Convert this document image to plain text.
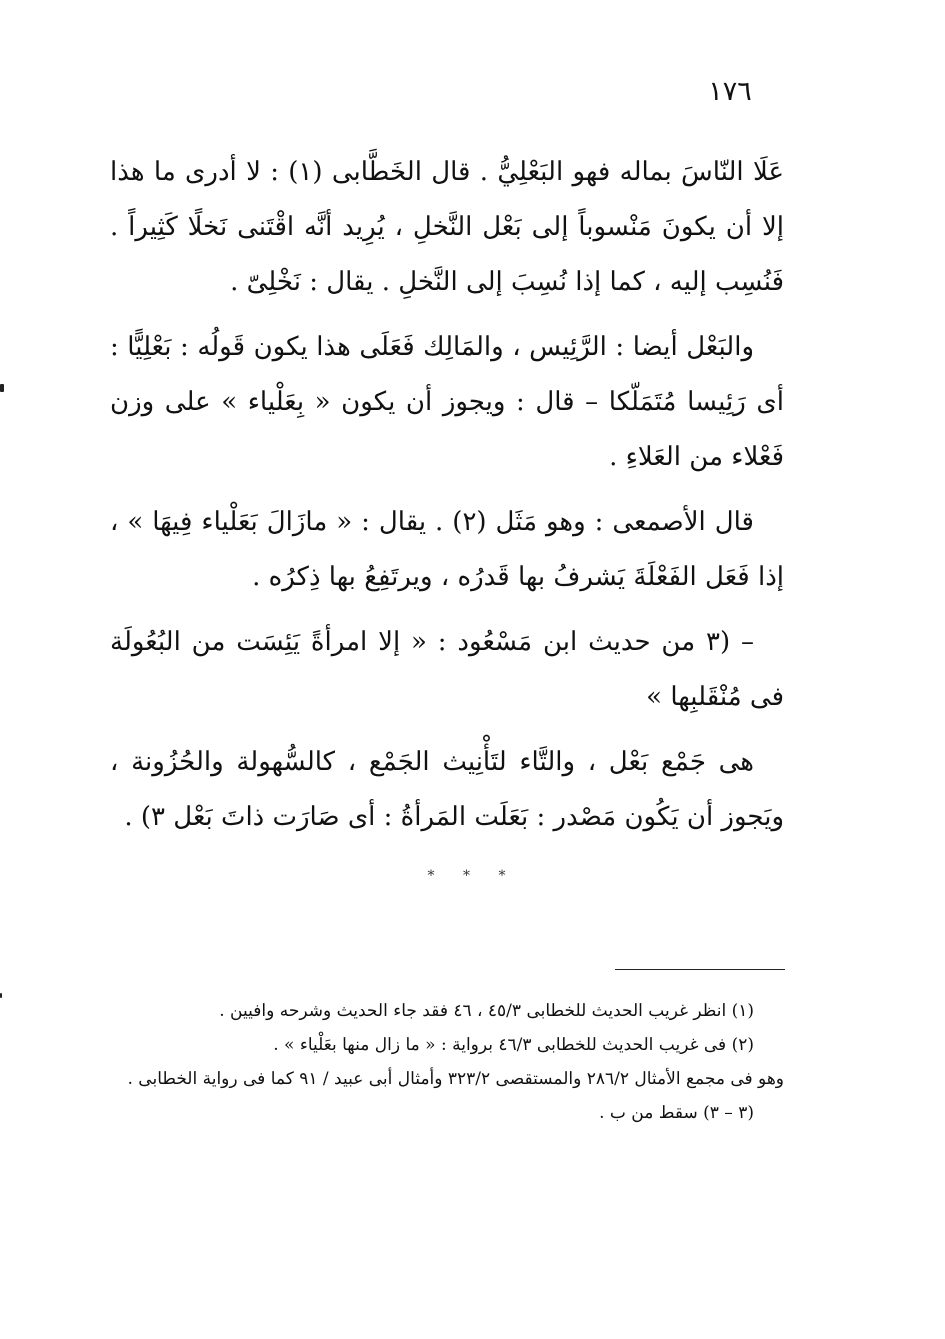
١٧٦

عَلَا النّاسَ بماله فهو البَعْلِيُّ . قال الخَطَّابى (١) : لا أدرى ما هذا إلا أن يكونَ مَنْسوباً إلى بَعْل النَّخلِ ، يُرِيد أنَّه اقْتَنى نَخلًا كَثِيراً . فَنُسِب إليه ، كما إذا نُسِبَ إلى النَّخلِ . يقال : نَخْلِىّ .

والبَعْل أيضا : الرَّئِيس ، والمَالِك فَعَلَى هذا يكون قَولُه : بَعْلِيًّا : أى رَئِيسا مُتَمَلّكا – قال : ويجوز أن يكون « بِعَلْياء » على وزن فَعْلاء من العَلاءِ .

قال الأصمعى : وهو مَثَل (٢) . يقال : « مازَالَ بَعَلْياء فِيهَا » ، إذا فَعَل الفَعْلَةَ يَشرفُ بها قَدرُه ، ويرتَفِعُ بها ذِكرُه .

– (٣ من حديث ابن مَسْعُود : « إلا امرأةً يَئِسَت من البُعُولَة فى مُنْقَلبِها »

هى جَمْع بَعْل ، والتَّاء لتَأْنِيث الجَمْع ، كالسُّهولة والحُزُونة ، ويَجوز أن يَكُون مَصْدر : بَعَلَت المَرأةُ : أى صَارَت ذاتَ بَعْل ٣) .

* * *

(١) انظر غريب الحديث للخطابى ٤٥/٣ ، ٤٦ فقد جاء الحديث وشرحه وافيين .

(٢) فى غريب الحديث للخطابى ٤٦/٣ برواية : « ما زال منها بعَلْياء » .

وهو فى مجمع الأمثال ٢٨٦/٢ والمستقصى ٣٢٣/٢ وأمثال أبى عبيد / ٩١ كما فى رواية الخطابى .

(٣ – ٣) سقط من ب .
